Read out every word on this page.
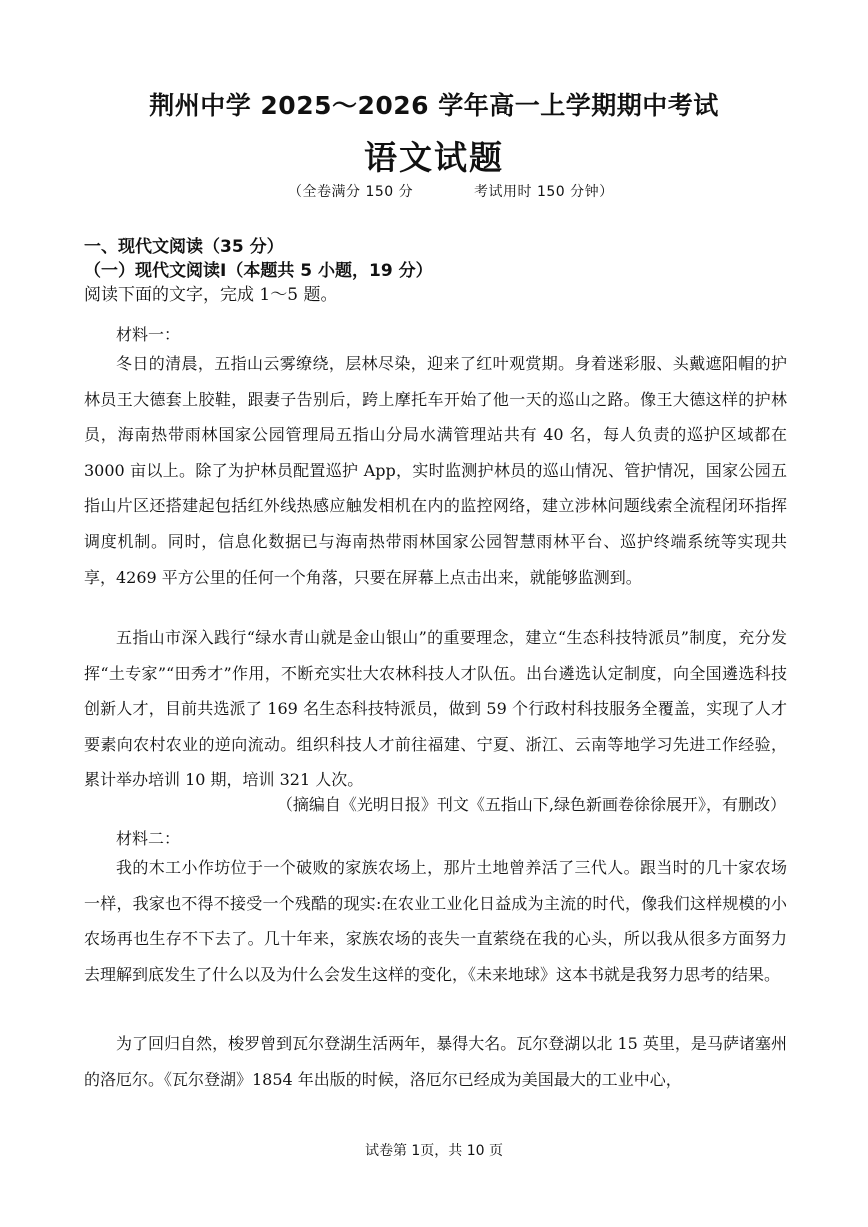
荆州中学 2025～2026 学年高一上学期期中考试
语文试题
（全卷满分 150 分	考试用时 150 分钟）
一、现代文阅读（35 分）
（一）现代文阅读Ⅰ（本题共 5 小题，19 分）
阅读下面的文字，完成 1～5 题。
材料一：

冬日的清晨，五指山云雾缭绕，层林尽染，迎来了红叶观赏期。身着迷彩服、头戴遮阳帽的护林员王大德套上胶鞋，跟妻子告别后，跨上摩托车开始了他一天的巡山之路。像王大德这样的护林员，海南热带雨林国家公园管理局五指山分局水满管理站共有 40 名，每人负责的巡护区域都在 3000 亩以上。除了为护林员配置巡护 App，实时监测护林员的巡山情况、管护情况，国家公园五指山片区还搭建起包括红外线热感应触发相机在内的监控网络，建立涉林问题线索全流程闭环指挥调度机制。同时，信息化数据已与海南热带雨林国家公园智慧雨林平台、巡护终端系统等实现共享，4269 平方公里的任何一个角落，只要在屏幕上点击出来，就能够监测到。

五指山市深入践行“绿水青山就是金山银山”的重要理念，建立“生态科技特派员”制度，充分发挥“土专家”“田秀才”作用，不断充实壮大农林科技人才队伍。出台遴选认定制度，向全国遴选科技创新人才，目前共选派了 169 名生态科技特派员，做到 59 个行政村科技服务全覆盖，实现了人才要素向农村农业的逆向流动。组织科技人才前往福建、宁夏、浙江、云南等地学习先进工作经验，累计举办培训 10 期，培训 321 人次。

（摘编自《光明日报》刊文《五指山下,绿色新画卷徐徐展开》，有删改）
材料二：

我的木工小作坊位于一个破败的家族农场上，那片土地曾养活了三代人。跟当时的几十家农场一样，我家也不得不接受一个残酷的现实:在农业工业化日益成为主流的时代，像我们这样规模的小农场再也生存不下去了。几十年来，家族农场的丧失一直萦绕在我的心头，所以我从很多方面努力去理解到底发生了什么以及为什么会发生这样的变化，《未来地球》这本书就是我努力思考的结果。

为了回归自然，梭罗曾到瓦尔登湖生活两年，暴得大名。瓦尔登湖以北 15 英里，是马萨诸塞州的洛厄尔。《瓦尔登湖》1854 年出版的时候，洛厄尔已经成为美国最大的工业中心，

试卷第 1页，共 10 页
